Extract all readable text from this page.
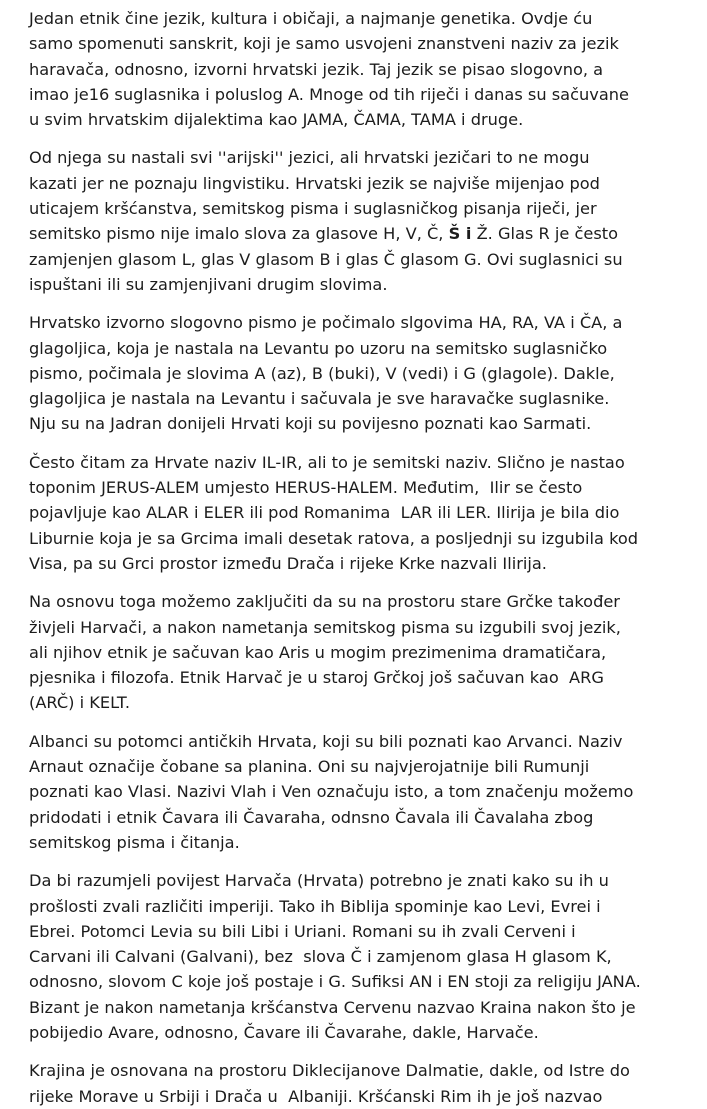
Jedan etnik čine jezik, kultura i običaji, a najmanje genetika. Ovdje ću
samo spomenuti sanskrit, koji je samo usvojeni znanstveni naziv za jezik
haravača, odnosno, izvorni hrvatski jezik. Taj jezik se pisao slogovno, a
imao je16 suglasnika i poluslog A. Mnoge od tih riječi i danas su sačuvane
u svim hrvatskim dijalektima kao JAMA, ČAMA, TAMA i druge.
Od njega su nastali svi ''arijski'' jezici, ali hrvatski jezičari to ne mogu
kazati jer ne poznaju lingvistiku. Hrvatski jezik se najviše mijenjao pod
uticajem kršćanstva, semitskog pisma i suglasničkog pisanja riječi, jer
semitsko pismo nije imalo slova za glasove H, V, Č, Š i Ž. Glas R je često
zamjenjen glasom L, glas V glasom B i glas Č glasom G. Ovi suglasnici su
ispuštani ili su zamjenjivani drugim slovima.
Hrvatsko izvorno slogovno pismo je počimalo slgovima HA, RA, VA i ČA, a
glagoljica, koja je nastala na Levantu po uzoru na semitsko suglasničko
pismo, počimala je slovima A (az), B (buki), V (vedi) i G (glagole). Dakle,
glagoljica je nastala na Levantu i sačuvala je sve haravačke suglasnike.
Nju su na Jadran donijeli Hrvati koji su povijesno poznati kao Sarmati.
Često čitam za Hrvate naziv IL-IR, ali to je semitski naziv. Slično je nastao
toponim JERUS-ALEM umjesto HERUS-HALEM. Međutim,  Ilir se često
pojavljuje kao ALAR i ELER ili pod Romanima  LAR ili LER. Ilirija je bila dio
Liburnie koja je sa Grcima imali desetak ratova, a posljednji su izgubila kod
Visa, pa su Grci prostor između Drača i rijeke Krke nazvali Ilirija.
Na osnovu toga možemo zaključiti da su na prostoru stare Grčke također
živjeli Harvači, a nakon nametanja semitskog pisma su izgubili svoj jezik,
ali njihov etnik je sačuvan kao Aris u mogim prezimenima dramatičara,
pjesnika i filozofa. Etnik Harvač je u staroj Grčkoj još sačuvan kao  ARG
(ARČ) i KELT.
Albanci su potomci antičkih Hrvata, koji su bili poznati kao Arvanci. Naziv
Arnaut označije čobane sa planina. Oni su najvjerojatnije bili Rumunji
poznati kao Vlasi. Nazivi Vlah i Ven označuju isto, a tom značenju možemo
pridodati i etnik Čavara ili Čavaraha, odnsno Čavala ili Čavalaha zbog
semitskog pisma i čitanja.
Da bi razumjeli povijest Harvača (Hrvata) potrebno je znati kako su ih u
prošlosti zvali različiti imperiji. Tako ih Biblija spominje kao Levi, Evrei i
Ebrei. Potomci Levia su bili Libi i Uriani. Romani su ih zvali Cerveni i
Carvani ili Calvani (Galvani), bez  slova Č i zamjenom glasa H glasom K,
odnosno, slovom C koje još postaje i G. Sufiksi AN i EN stoji za religiju JANA.
Bizant je nakon nametanja kršćanstva Cervenu nazvao Kraina nakon što je
pobijedio Avare, odnosno, Čavare ili Čavarahe, dakle, Harvače.
Krajina je osnovana na prostoru Diklecijanove Dalmatie, dakle, od Istre do
rijeke Morave u Srbiji i Drača u  Albaniji. Kršćanski Rim ih je još nazvao
